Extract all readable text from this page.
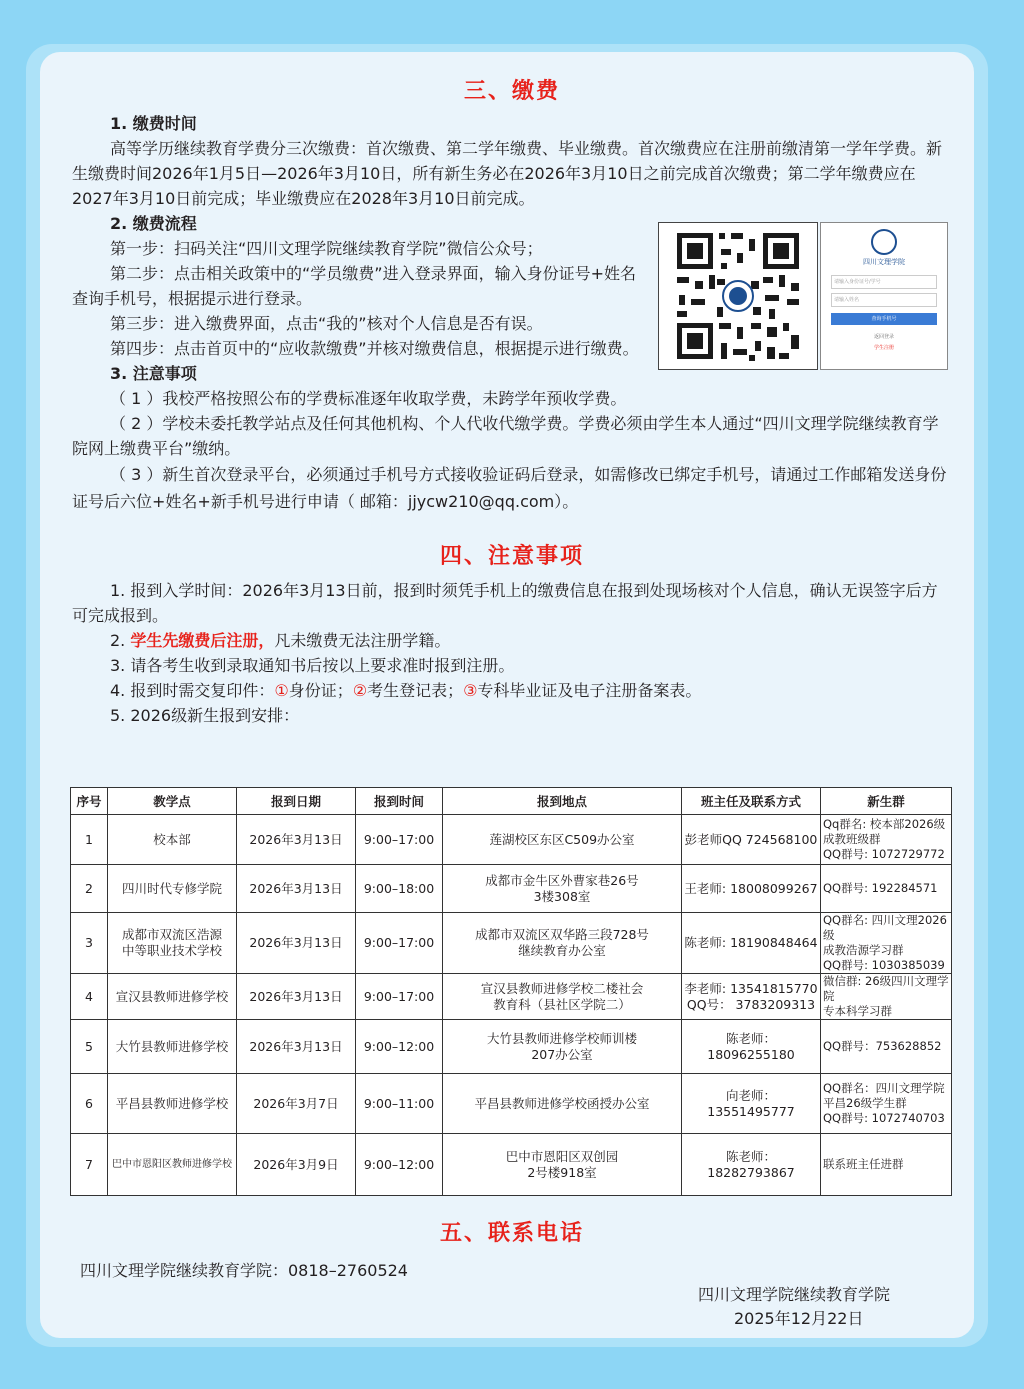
三、缴费
1. 缴费时间

高等学历继续教育学费分三次缴费：首次缴费、第二学年缴费、毕业缴费。首次缴费应在注册前缴清第一学年学费。新生缴费时间2026年1月5日—2026年3月10日，所有新生务必在2026年3月10日之前完成首次缴费；第二学年缴费应在2027年3月10日前完成；毕业缴费应在2028年3月10日前完成。

2. 缴费流程

第一步：扫码关注“四川文理学院继续教育学院”微信公众号；

第二步：点击相关政策中的“学员缴费”进入登录界面，输入身份证号+姓名查询手机号，根据提示进行登录。

第三步：进入缴费界面，点击“我的”核对个人信息是否有误。

第四步：点击首页中的“应收款缴费”并核对缴费信息，根据提示进行缴费。

3. 注意事项

（ 1 ）我校严格按照公布的学费标准逐年收取学费，未跨学年预收学费。

（ 2 ）学校未委托教学站点及任何其他机构、个人代收代缴学费。学费必须由学生本人通过“四川文理学院继续教育学院网上缴费平台”缴纳。

（ 3 ）新生首次登录平台，必须通过手机号方式接收验证码后登录，如需修改已绑定手机号，请通过工作邮箱发送身份证号后六位+姓名+新手机号进行申请（ 邮箱：jjycw210@qq.com）。

四、注意事项

1. 报到入学时间：2026年3月13日前，报到时须凭手机上的缴费信息在报到处现场核对个人信息，确认无误签字后方可完成报到。

2. 学生先缴费后注册，凡未缴费无法注册学籍。

3. 请各考生收到录取通知书后按以上要求准时报到注册。

4. 报到时需交复印件：①身份证；②考生登记表；③专科毕业证及电子注册备案表。

5. 2026级新生报到安排：

四川文理学院
请输入身份证号/学号
请输入姓名
查询手机号
返回登录
学生注册
序号	教学点	报到日期	报到时间	报到地点	班主任及联系方式	新生群
1	校本部	2026年3月13日	9:00–17:00	莲湖校区东区C509办公室	彭老师QQ 724568100	Qq群名: 校本部2026级
成教班级群
QQ群号: 1072729772
2	四川时代专修学院	2026年3月13日	9:00–18:00	成都市金牛区外曹家巷26号
3楼308室	王老师: 18008099267	QQ群号: 192284571
3	成都市双流区浩源
中等职业技术学校	2026年3月13日	9:00–17:00	成都市双流区双华路三段728号
继续教育办公室	陈老师: 18190848464	QQ群名: 四川文理2026级
成教浩源学习群
QQ群号: 1030385039
4	宣汉县教师进修学校	2026年3月13日	9:00–17:00	宣汉县教师进修学校二楼社会
教育科（县社区学院二）	李老师: 13541815770
QQ号： 3783209313	微信群: 26级四川文理学院
专本科学习群
5	大竹县教师进修学校	2026年3月13日	9:00–12:00	大竹县教师进修学校师训楼
207办公室	陈老师：18096255180	QQ群号：753628852
6	平昌县教师进修学校	2026年3月7日	9:00–11:00	平昌县教师进修学校函授办公室	向老师：13551495777	QQ群名：四川文理学院
平昌26级学生群
QQ群号: 1072740703
7	巴中市恩阳区教师进修学校	2026年3月9日	9:00–12:00	巴中市恩阳区双创园
2号楼918室	陈老师：18282793867	联系班主任进群
五、联系电话

四川文理学院继续教育学院：0818–2760524

四川文理学院继续教育学院

2025年12月22日
